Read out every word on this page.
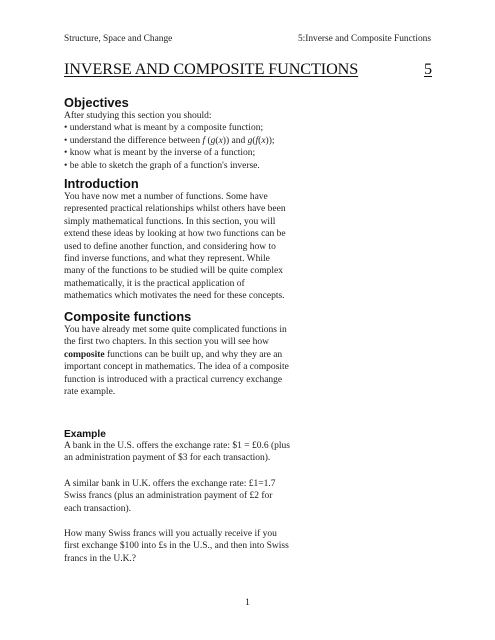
Structure, Space and Change	5:Inverse and Composite Functions
INVERSE AND COMPOSITE FUNCTIONS	5
Objectives

After studying this section you should:

• understand what is meant by a composite function;
• understand the difference between f (g(x)) and g(f(x));
• know what is meant by the inverse of a function;
• be able to sketch the graph of a function's inverse.
Introduction

You have now met a number of functions. Some have

represented practical relationships whilst others have been

simply mathematical functions. In this section, you will

extend these ideas by looking at how two functions can be

used to define another function, and considering how to

find inverse functions, and what they represent. While

many of the functions to be studied will be quite complex

mathematically, it is the practical application of

mathematics which motivates the need for these concepts.

Composite functions

You have already met some quite complicated functions in

the first two chapters. In this section you will see how

composite functions can be built up, and why they are an

important concept in mathematics. The idea of a composite

function is introduced with a practical currency exchange

rate example.

Example

A bank in the U.S. offers the exchange rate: $1 = £0.6 (plus

an administration payment of $3 for each transaction).

A similar bank in U.K. offers the exchange rate: £1=1.7

Swiss francs (plus an administration payment of £2 for

each transaction).

How many Swiss francs will you actually receive if you

first exchange $100 into £s in the U.S., and then into Swiss

francs in the U.K.?

1
